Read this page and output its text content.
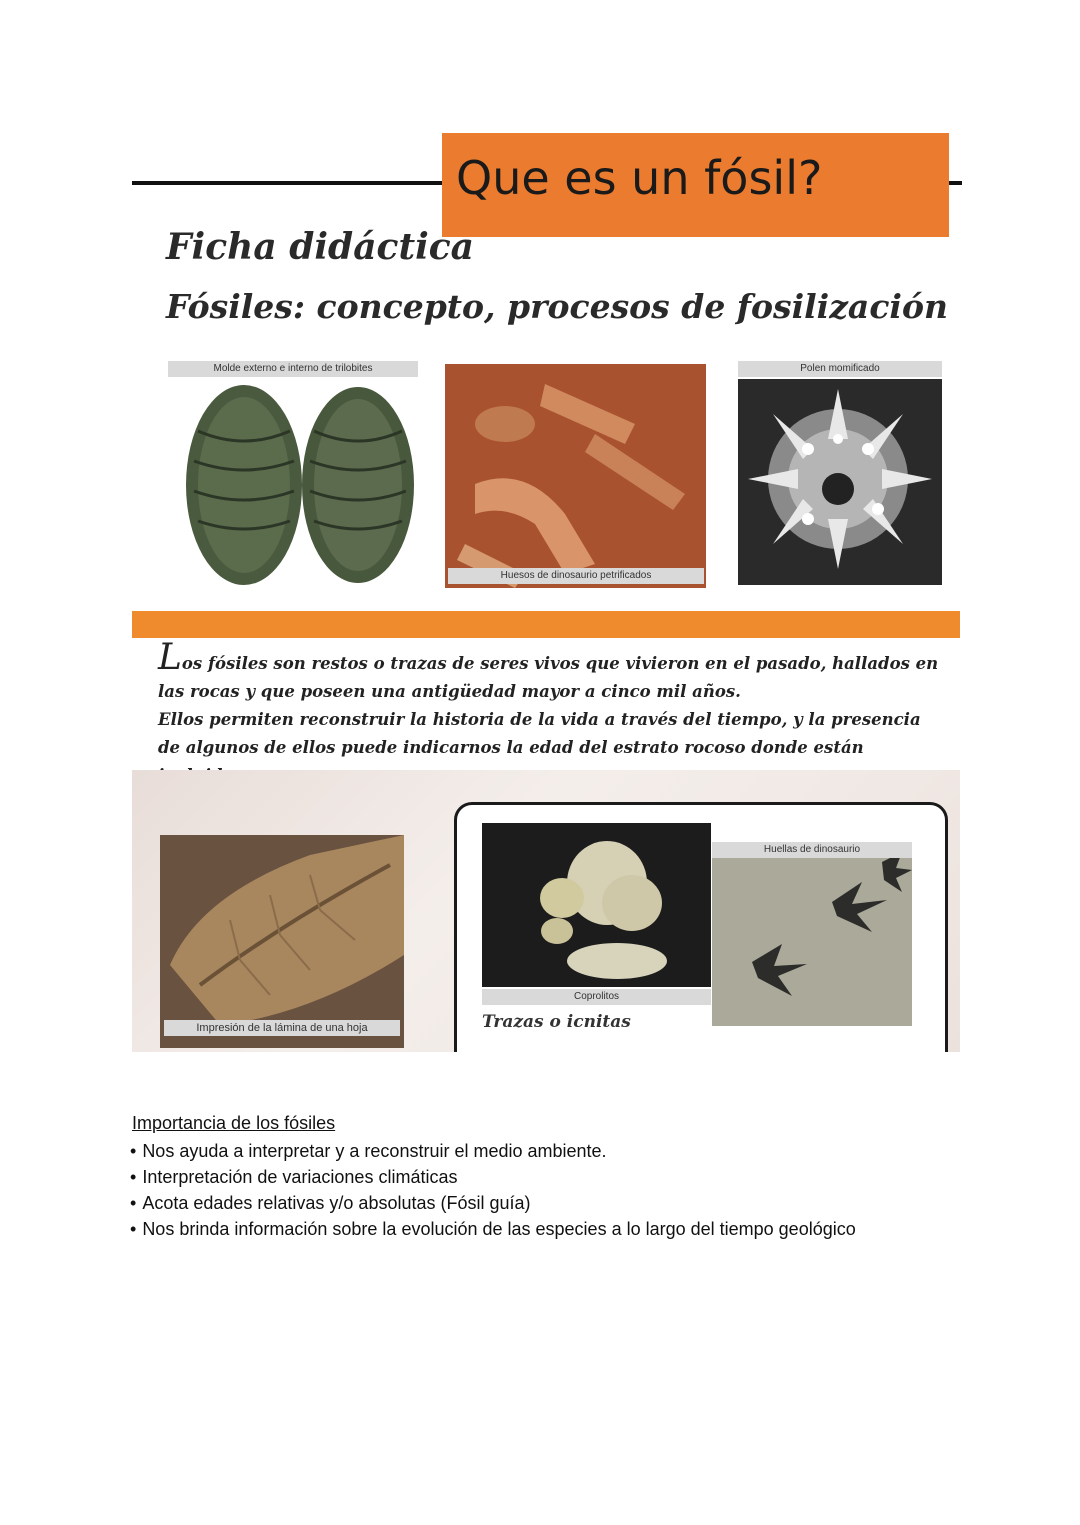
Que es un fósil?
Ficha didáctica
Fósiles: concepto, procesos de fosilización
Molde externo e interno de trilobites
Huesos de dinosaurio petrificados
Polen momificado

Los fósiles son restos o trazas de seres vivos que vivieron en el pasado, hallados en las rocas y que poseen una antigüedad mayor a cinco mil años.

Ellos permiten reconstruir la historia de la vida a través del tiempo, y la presencia de algunos de ellos puede indicarnos la edad del estrato rocoso donde están

Impresión de la lámina de una hoja
Coprolitos
Huellas de dinosaurio
Trazas o icnitas
Importancia de los fósiles
• Nos ayuda a interpretar y a reconstruir el medio ambiente.
• Interpretación de variaciones climáticas
• Acota edades relativas y/o absolutas (Fósil guía)
• Nos brinda información sobre la evolución de las especies a lo largo del tiempo geológico
